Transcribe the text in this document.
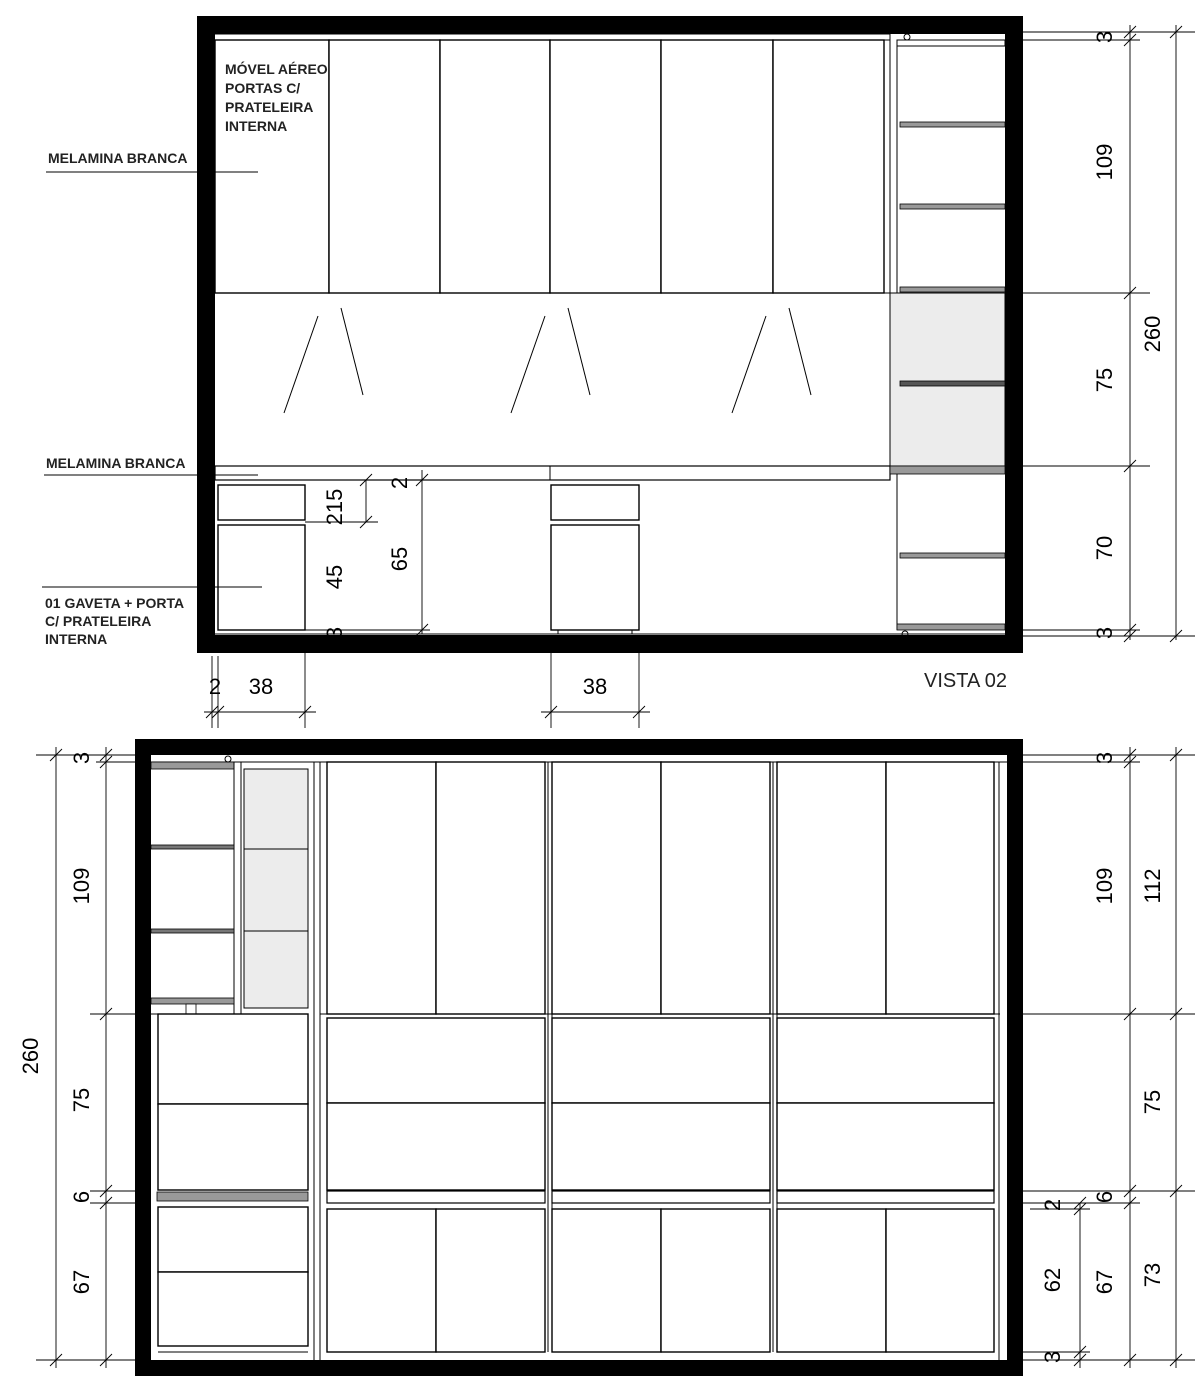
MÓVEL AÉREO
PORTAS C/
PRATELEIRA
INTERNA
MELAMINA BRANCA
MELAMINA BRANCA
01 GAVETA + PORTA
C/ PRATELEIRA
INTERNA
3
109
75
70
3
260
2
215
45
65
3
2 38	38	VISTA 02
3
109
75
6
67
260
3
109
75
6
2
62 67
3
112
73
